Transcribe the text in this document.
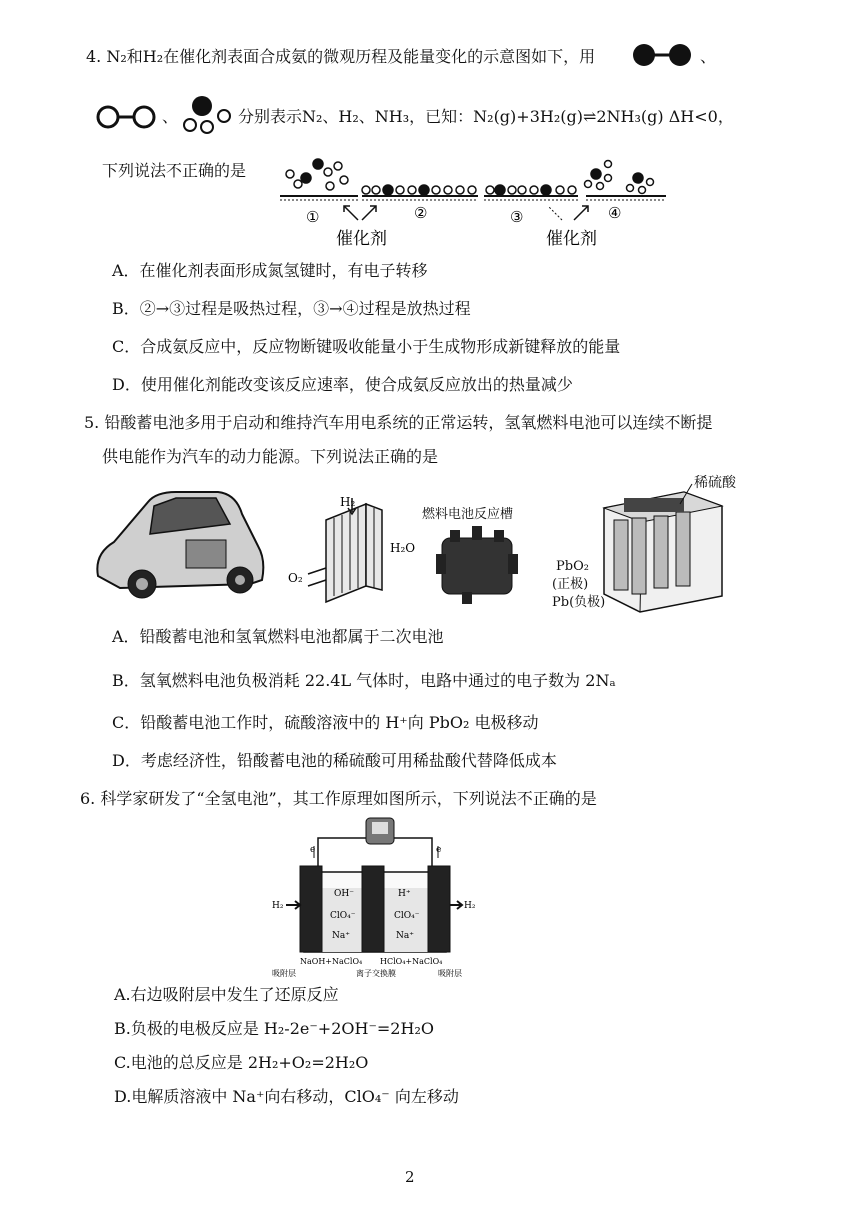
4. N₂和H₂在催化剂表面合成氨的微观历程及能量变化的示意图如下，用	、
、	分别表示N₂、H₂、NH₃，已知：N₂(g)+3H₂(g)⇌2NH₃(g) ΔH<0，
下列说法不正确的是
①	②	③	④
催化剂	催化剂
A．在催化剂表面形成氮氢键时，有电子转移
B．②→③过程是吸热过程，③→④过程是放热过程
C．合成氨反应中，反应物断键吸收能量小于生成物形成新键释放的能量
D．使用催化剂能改变该反应速率，使合成氨反应放出的热量减少
5. 铅酸蓄电池多用于启动和维持汽车用电系统的正常运转，氢氧燃料电池可以连续不断提
供电能作为汽车的动力能源。下列说法正确的是
H₂
H₂O
O₂
燃料电池反应槽
稀硫酸
PbO₂
(正极)
Pb(负极)
A．铅酸蓄电池和氢氧燃料电池都属于二次电池
B．氢氧燃料电池负极消耗 22.4L 气体时，电路中通过的电子数为 2Nₐ
C．铅酸蓄电池工作时，硫酸溶液中的 H⁺向 PbO₂ 电极移动
D．考虑经济性，铅酸蓄电池的稀硫酸可用稀盐酸代替降低成本
6. 科学家研发了“全氢电池”，其工作原理如图所示，下列说法不正确的是
e	e
OH⁻
ClO₄⁻
Na⁺
H⁺
ClO₄⁻
Na⁺
H₂	H₂
NaOH+NaClO₄ HClO₄+NaClO₄
吸附层	离子交换膜	吸附层
A.右边吸附层中发生了还原反应
B.负极的电极反应是 H₂-2e⁻+2OH⁻=2H₂O
C.电池的总反应是 2H₂+O₂=2H₂O
D.电解质溶液中 Na⁺向右移动，ClO₄⁻ 向左移动
2
